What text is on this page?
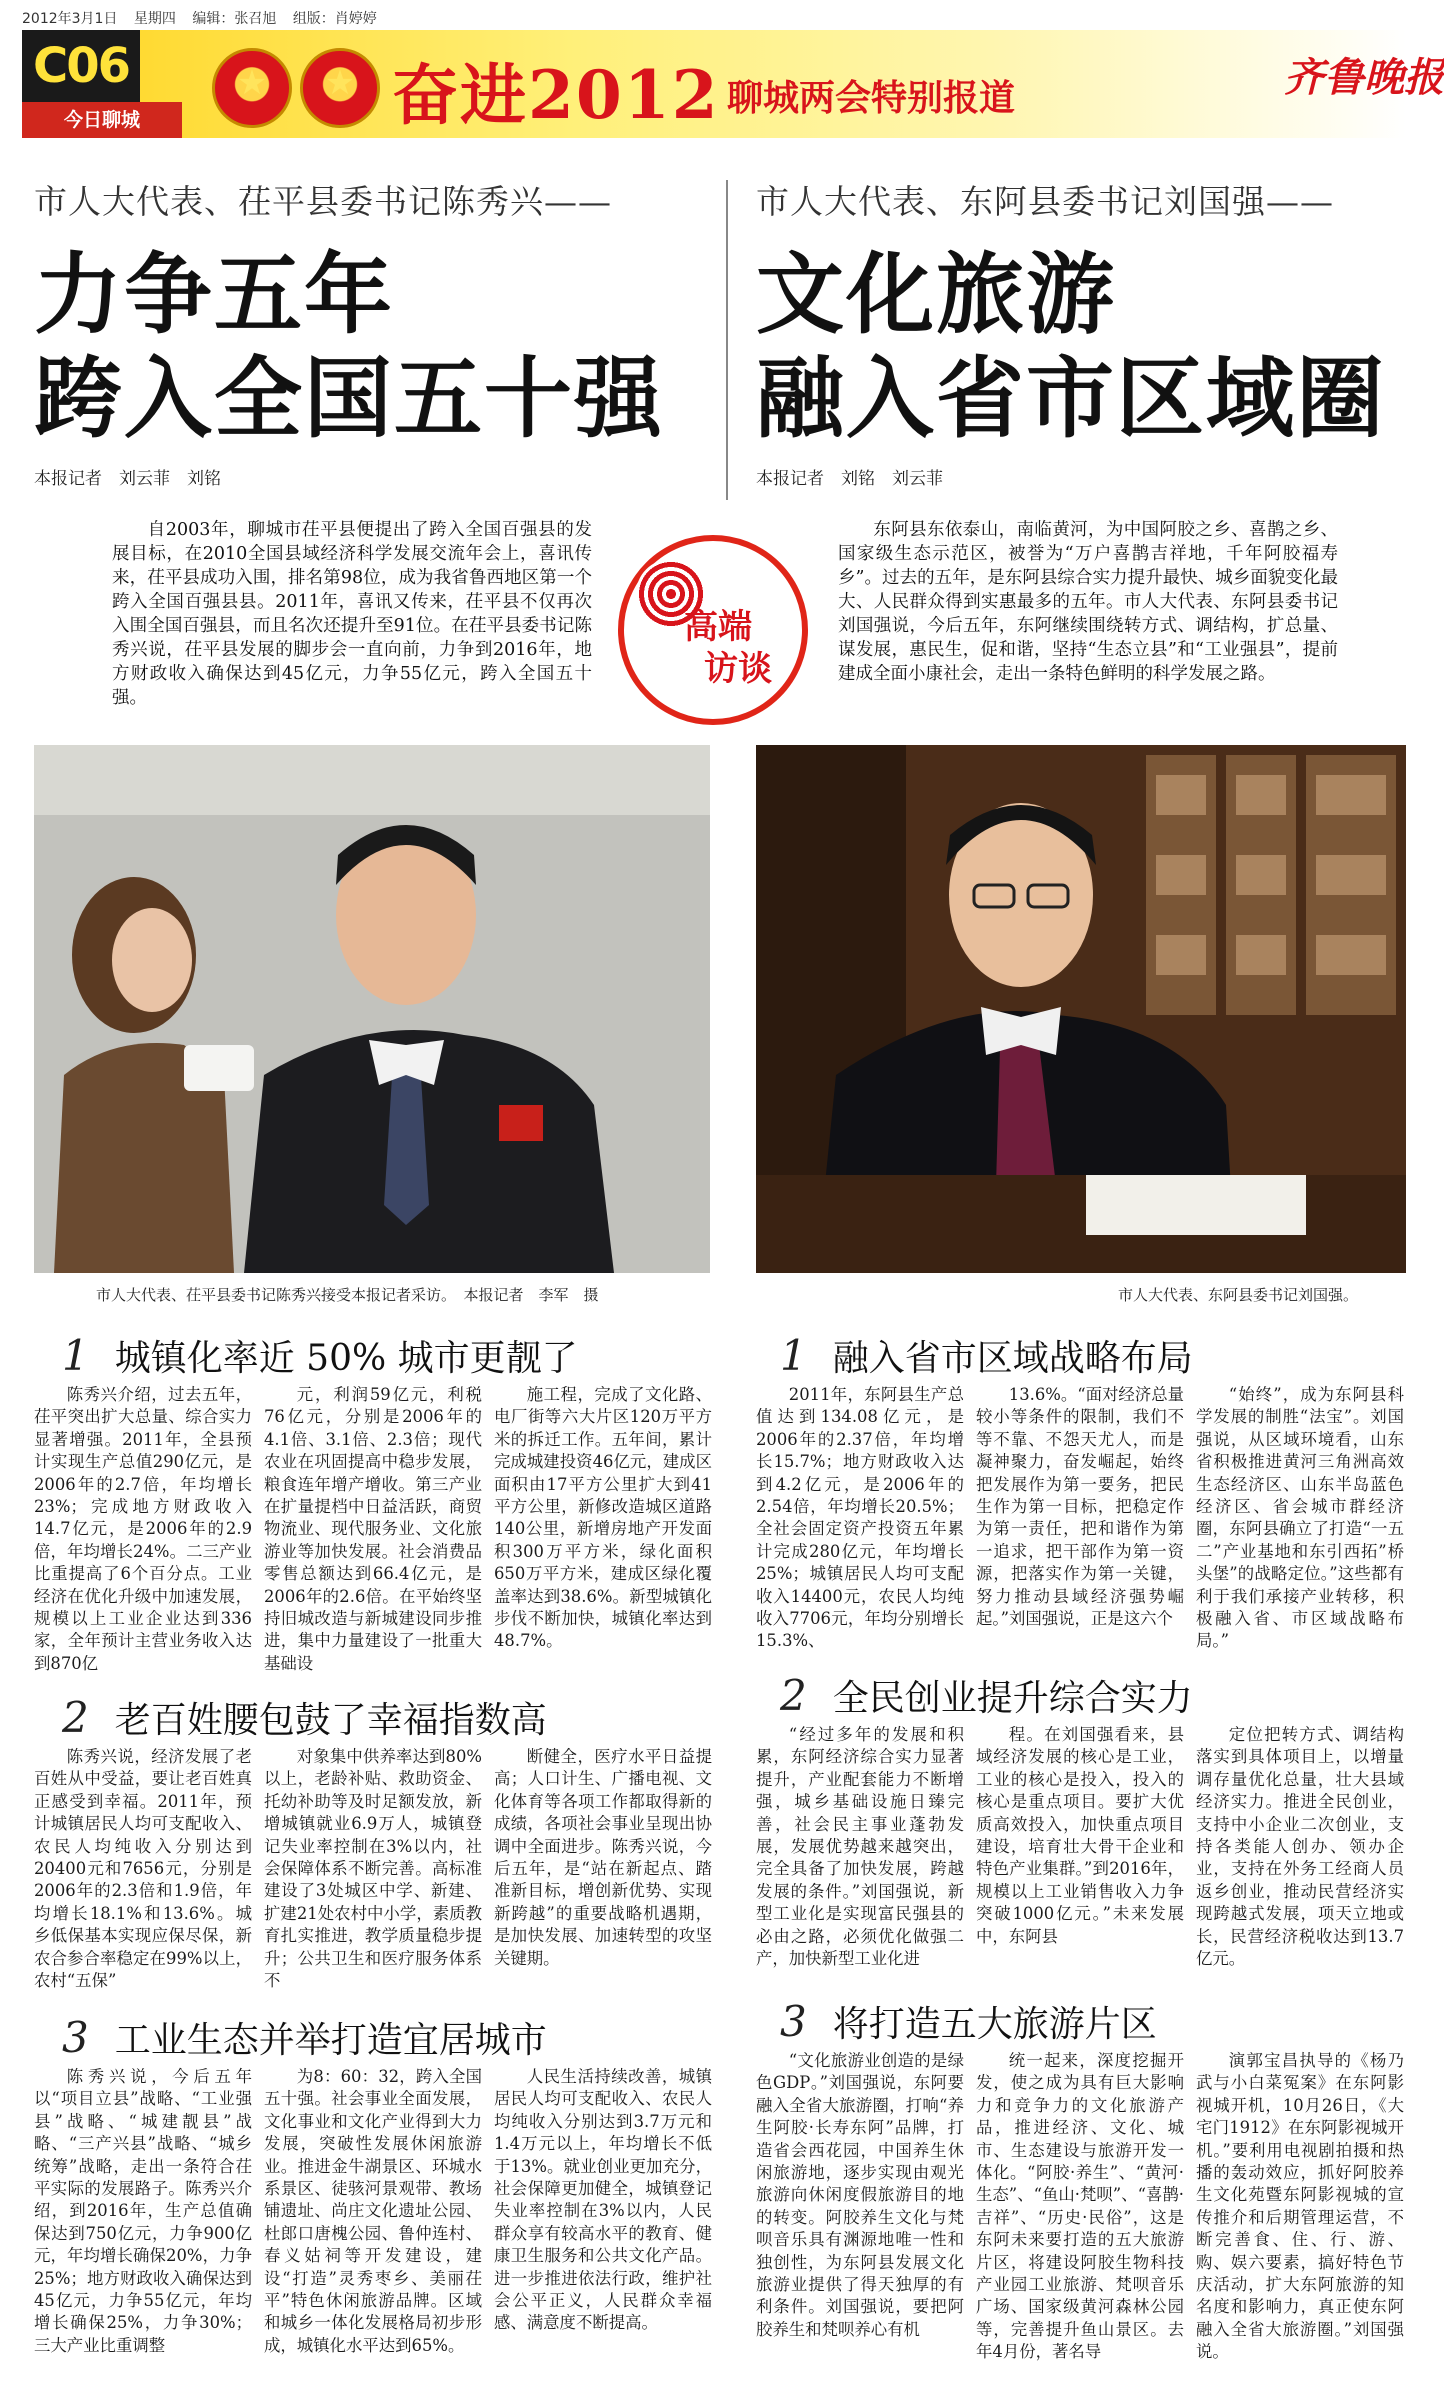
2012年3月1日 星期四 编辑：张召旭 组版：肖婷婷
C06
今日聊城 ★ ★	奋进2012 聊城两会特别报道	齐鲁晚报
市人大代表、茌平县委书记陈秀兴——
力争五年
跨入全国五十强
本报记者　刘云菲　刘铭
市人大代表、东阿县委书记刘国强——
文化旅游
融入省市区域圈
本报记者　刘铭　刘云菲
自2003年，聊城市茌平县便提出了跨入全国百强县的发展目标，在2010全国县域经济科学发展交流年会上，喜讯传来，茌平县成功入围，排名第98位，成为我省鲁西地区第一个跨入全国百强县县。2011年，喜讯又传来，茌平县不仅再次入围全国百强县，而且名次还提升至91位。在茌平县委书记陈秀兴说，茌平县发展的脚步会一直向前，力争到2016年，地方财政收入确保达到45亿元，力争55亿元，跨入全国五十强。
东阿县东依泰山，南临黄河，为中国阿胶之乡、喜鹊之乡、国家级生态示范区，被誉为“万户喜鹊吉祥地，千年阿胶福寿乡”。过去的五年，是东阿县综合实力提升最快、城乡面貌变化最大、人民群众得到实惠最多的五年。市人大代表、东阿县委书记刘国强说，今后五年，东阿继续围绕转方式、调结构，扩总量、谋发展，惠民生，促和谐，坚持“生态立县”和“工业强县”，提前建成全面小康社会，走出一条特色鲜明的科学发展之路。
高端
访谈
市人大代表、茌平县委书记陈秀兴接受本报记者采访。　本报记者　李军　摄	市人大代表、东阿县委书记刘国强。
1 城镇化率近 50% 城市更靓了

陈秀兴介绍，过去五年，茌平突出扩大总量、综合实力显著增强。2011年，全县预计实现生产总值290亿元，是2006年的2.7倍，年均增长23%；完成地方财政收入14.7亿元，是2006年的2.9倍，年均增长24%。二三产业比重提高了6个百分点。工业经济在优化升级中加速发展，规模以上工业企业达到336家，全年预计主营业务收入达到870亿

元，利润59亿元，利税76亿元，分别是2006年的4.1倍、3.1倍、2.3倍；现代农业在巩固提高中稳步发展，粮食连年增产增收。第三产业在扩量提档中日益活跃，商贸物流业、现代服务业、文化旅游业等加快发展。社会消费品零售总额达到66.4亿元，是2006年的2.6倍。在平始终坚持旧城改造与新城建设同步推进，集中力量建设了一批重大基础设

施工程，完成了文化路、电厂街等六大片区120万平方米的拆迁工作。五年间，累计完成城建投资46亿元，建成区面积由17平方公里扩大到41平方公里，新修改造城区道路140公里，新增房地产开发面积300万平方米，绿化面积650万平方米，建成区绿化覆盖率达到38.6%。新型城镇化步伐不断加快，城镇化率达到48.7%。

2 老百姓腰包鼓了幸福指数高

陈秀兴说，经济发展了老百姓从中受益，要让老百姓真正感受到幸福。2011年，预计城镇居民人均可支配收入、农民人均纯收入分别达到20400元和7656元，分别是2006年的2.3倍和1.9倍，年均增长18.1%和13.6%。城乡低保基本实现应保尽保，新农合参合率稳定在99%以上，农村“五保”

对象集中供养率达到80%以上，老龄补贴、救助资金、托幼补助等及时足额发放，新增城镇就业6.9万人，城镇登记失业率控制在3%以内，社会保障体系不断完善。高标准建设了3处城区中学、新建、扩建21处农村中小学，素质教育扎实推进，教学质量稳步提升；公共卫生和医疗服务体系不

断健全，医疗水平日益提高；人口计生、广播电视、文化体育等各项工作都取得新的成绩，各项社会事业呈现出协调中全面进步。陈秀兴说，今后五年，是“站在新起点、踏准新目标，增创新优势、实现新跨越”的重要战略机遇期，是加快发展、加速转型的攻坚关键期。

3 工业生态并举打造宜居城市

陈秀兴说，今后五年以“项目立县”战略、“工业强县”战略、“城建靓县”战略、“三产兴县”战略、“城乡统筹”战略，走出一条符合茌平实际的发展路子。陈秀兴介绍，到2016年，生产总值确保达到750亿元，力争900亿元，年均增长确保20%，力争25%；地方财政收入确保达到45亿元，力争55亿元，年均增长确保25%，力争30%；三大产业比重调整

为8：60：32，跨入全国五十强。社会事业全面发展，文化事业和文化产业得到大力发展，突破性发展休闲旅游业。推进金牛湖景区、环城水系景区、徒骇河景观带、教场铺遗址、尚庄文化遗址公园、杜郎口唐槐公园、鲁仲连村、春义姑祠等开发建设，建设“打造”灵秀枣乡、美丽茌平”特色休闲旅游品牌。区域和城乡一体化发展格局初步形成，城镇化水平达到65%。

人民生活持续改善，城镇居民人均可支配收入、农民人均纯收入分别达到3.7万元和1.4万元以上，年均增长不低于13%。就业创业更加充分，社会保障更加健全，城镇登记失业率控制在3%以内，人民群众享有较高水平的教育、健康卫生服务和公共文化产品。进一步推进依法行政，维护社会公平正义，人民群众幸福感、满意度不断提高。

1 融入省市区域战略布局

2011年，东阿县生产总值达到134.08亿元，是2006年的2.37倍，年均增长15.7%；地方财政收入达到4.2亿元，是2006年的2.54倍，年均增长20.5%；全社会固定资产投资五年累计完成280亿元，年均增长25%；城镇居民人均可支配收入14400元，农民人均纯收入7706元，年均分别增长15.3%、

13.6%。“面对经济总量较小等条件的限制，我们不等不靠、不怨天尤人，而是凝神聚力，奋发崛起，始终把发展作为第一要务，把民生作为第一目标，把稳定作为第一责任，把和谐作为第一追求，把干部作为第一资源，把落实作为第一关键，努力推动县域经济强势崛起。”刘国强说，正是这六个

“始终”，成为东阿县科学发展的制胜“法宝”。刘国强说，从区域环境看，山东省积极推进黄河三角洲高效生态经济区、山东半岛蓝色经济区、省会城市群经济圈，东阿县确立了打造“一五二”产业基地和东引西拓”桥头堡”的战略定位。”这些都有利于我们承接产业转移，积极融入省、市区域战略布局。”

2 全民创业提升综合实力

“经过多年的发展和积累，东阿经济综合实力显著提升，产业配套能力不断增强，城乡基础设施日臻完善，社会民主事业蓬勃发展，发展优势越来越突出，完全具备了加快发展，跨越发展的条件。”刘国强说，新型工业化是实现富民强县的必由之路，必须优化做强二产，加快新型工业化进

程。在刘国强看来，县域经济发展的核心是工业，工业的核心是投入，投入的核心是重点项目。要扩大优质高效投入，加快重点项目建设，培育壮大骨干企业和特色产业集群。”到2016年，规模以上工业销售收入力争突破1000亿元。”未来发展中，东阿县

定位把转方式、调结构落实到具体项目上，以增量调存量优化总量，壮大县域经济实力。推进全民创业，支持中小企业二次创业，支持各类能人创办、领办企业，支持在外务工经商人员返乡创业，推动民营经济实现跨越式发展，项天立地或长，民营经济税收达到13.7亿元。

3 将打造五大旅游片区

“文化旅游业创造的是绿色GDP。”刘国强说，东阿要融入全省大旅游圈，打响“养生阿胶·长寿东阿”品牌，打造省会西花园，中国养生休闲旅游地，逐步实现由观光旅游向休闲度假旅游目的地的转变。阿胶养生文化与梵呗音乐具有渊源地唯一性和独创性，为东阿县发展文化旅游业提供了得天独厚的有利条件。刘国强说，要把阿胶养生和梵呗养心有机

统一起来，深度挖掘开发，使之成为具有巨大影响力和竞争力的文化旅游产品，推进经济、文化、城市、生态建设与旅游开发一体化。“阿胶·养生”、“黄河·生态”、“鱼山·梵呗”、“喜鹊·吉祥”、“历史·民俗”，这是东阿未来要打造的五大旅游片区，将建设阿胶生物科技产业园工业旅游、梵呗音乐广场、国家级黄河森林公园等，完善提升鱼山景区。去年4月份，著名导

演郭宝昌执导的《杨乃武与小白菜冤案》在东阿影视城开机，10月26日，《大宅门1912》在东阿影视城开机。”要利用电视剧拍摄和热播的轰动效应，抓好阿胶养生文化苑暨东阿影视城的宣传推介和后期管理运营，不断完善食、住、行、游、购、娱六要素，搞好特色节庆活动，扩大东阿旅游的知名度和影响力，真正使东阿融入全省大旅游圈。”刘国强说。
